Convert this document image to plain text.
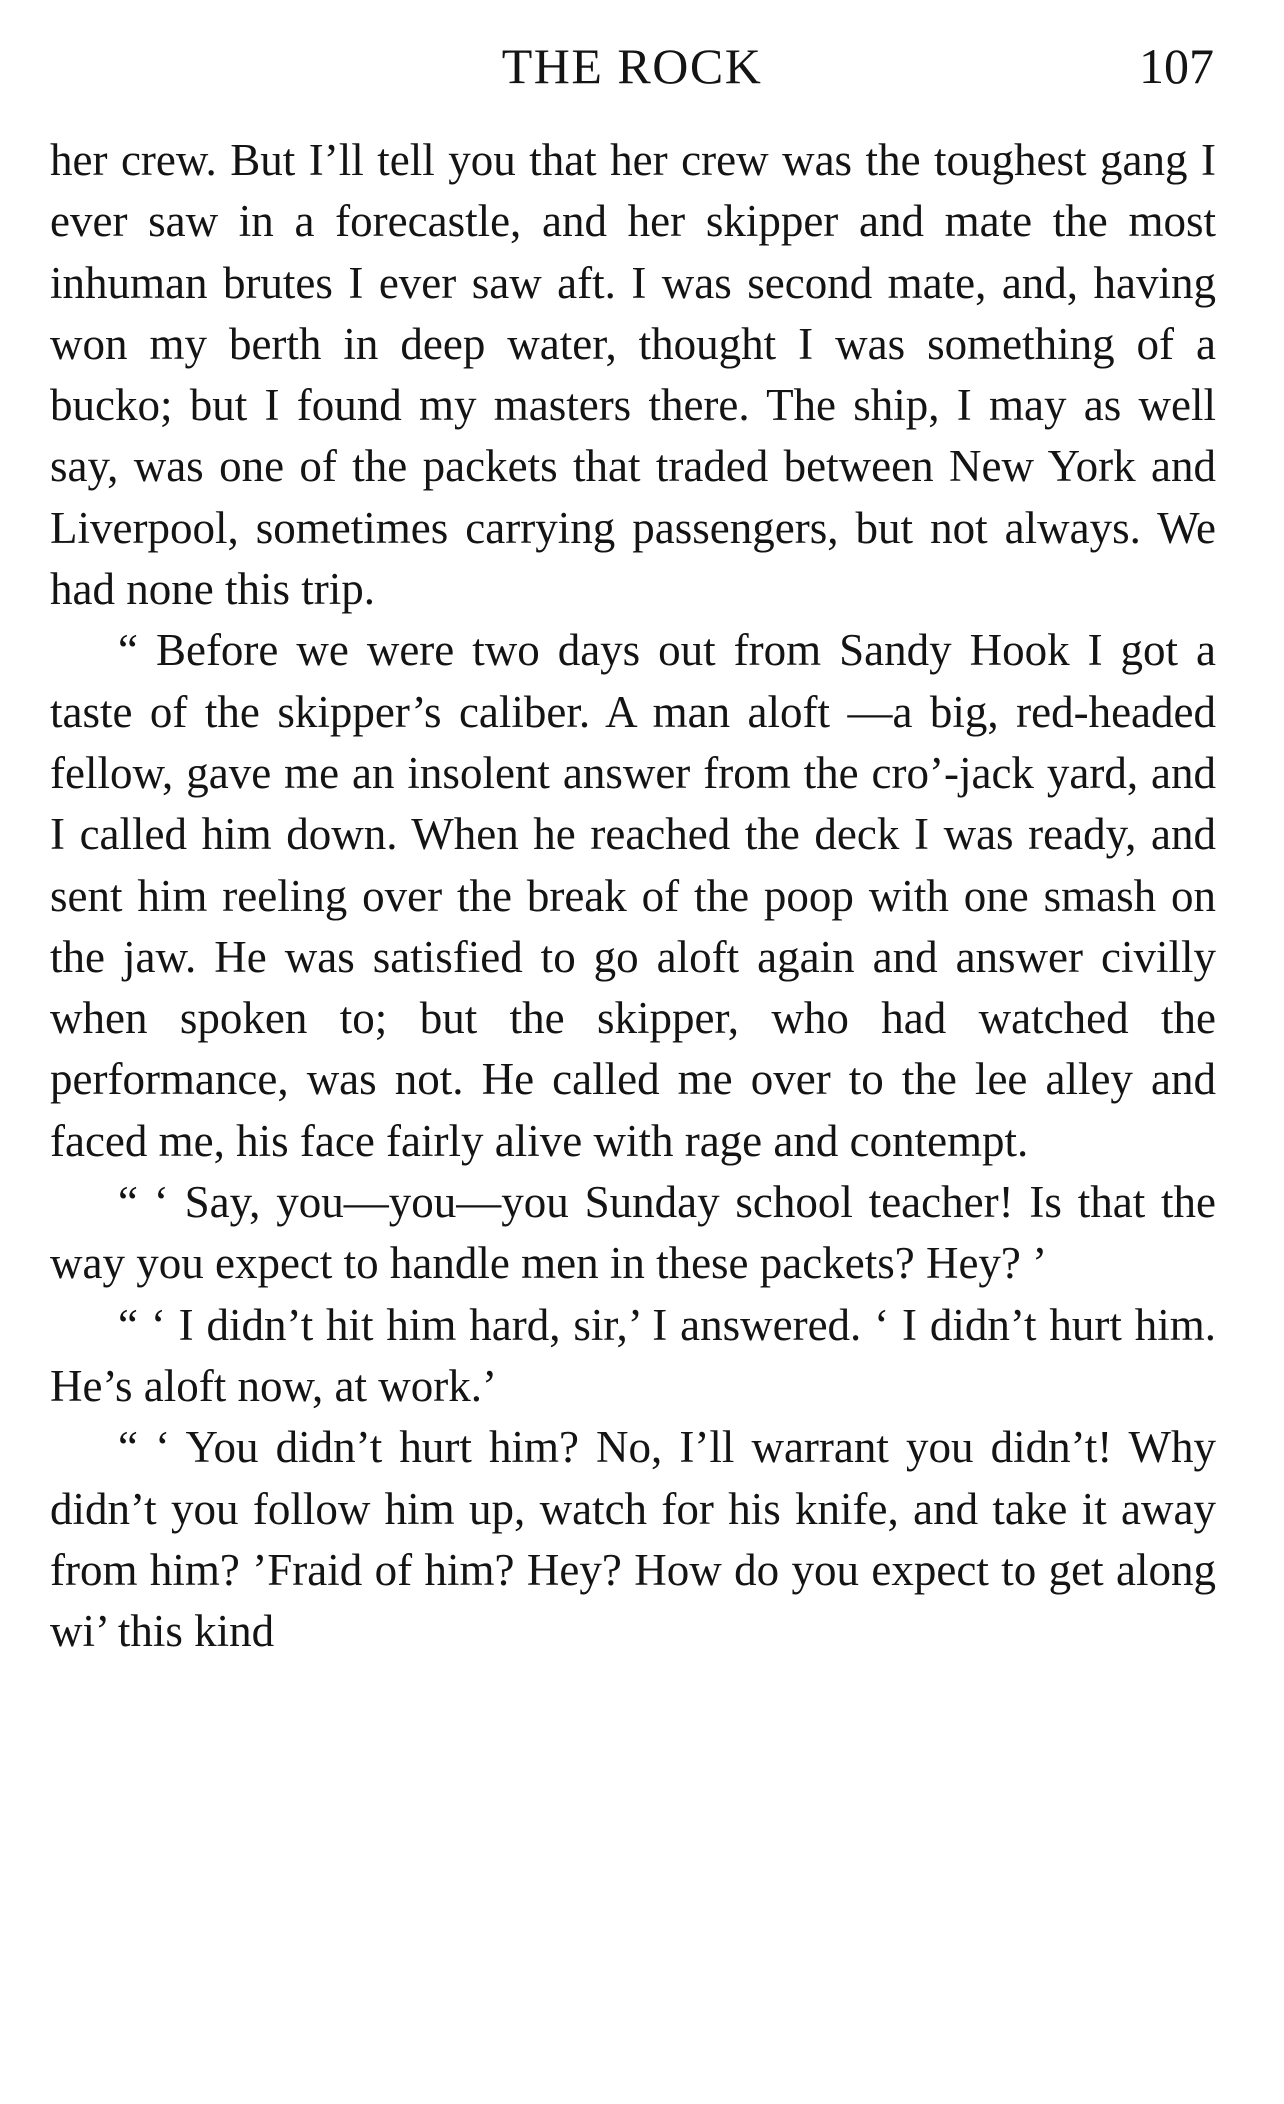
THE ROCK	107

her crew. But I’ll tell you that her crew was the toughest gang I ever saw in a forecastle, and her skipper and mate the most inhuman brutes I ever saw aft. I was second mate, and, having won my berth in deep water, thought I was something of a bucko; but I found my masters there. The ship, I may as well say, was one of the packets that traded between New York and Liverpool, sometimes carrying passengers, but not always. We had none this trip.

“ Before we were two days out from Sandy Hook I got a taste of the skipper’s caliber. A man aloft —a big, red-headed fellow, gave me an insolent answer from the cro’-jack yard, and I called him down. When he reached the deck I was ready, and sent him reeling over the break of the poop with one smash on the jaw. He was satisfied to go aloft again and answer civilly when spoken to; but the skipper, who had watched the performance, was not. He called me over to the lee alley and faced me, his face fairly alive with rage and contempt.

“ ‘ Say, you—you—you Sunday school teacher! Is that the way you expect to handle men in these packets? Hey? ’

“ ‘ I didn’t hit him hard, sir,’ I answered. ‘ I didn’t hurt him. He’s aloft now, at work.’

“ ‘ You didn’t hurt him? No, I’ll warrant you didn’t! Why didn’t you follow him up, watch for his knife, and take it away from him? ’Fraid of him? Hey? How do you expect to get along wi’ this kind
